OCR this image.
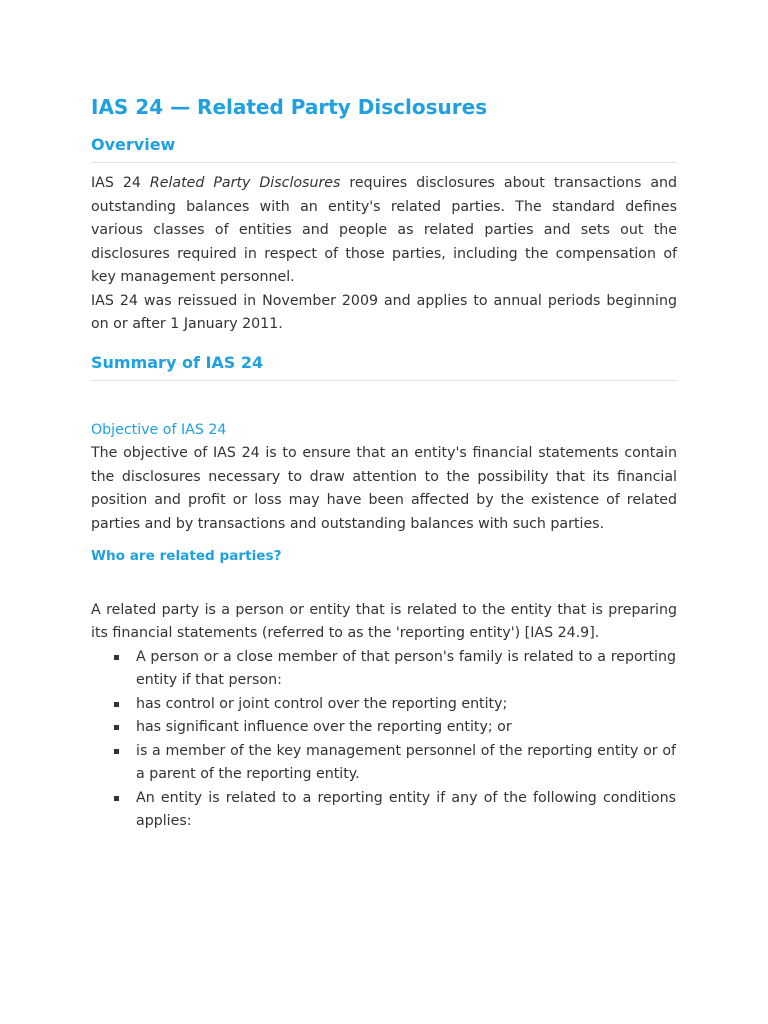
IAS 24 — Related Party Disclosures
Overview

IAS 24 Related Party Disclosures requires disclosures about transactions and outstanding balances with an entity's related parties. The standard defines various classes of entities and people as related parties and sets out the disclosures required in respect of those parties, including the compensation of key management personnel.

IAS 24 was reissued in November 2009 and applies to annual periods beginning on or after 1 January 2011.

Summary of IAS 24
Objective of IAS 24

The objective of IAS 24 is to ensure that an entity's financial statements contain the disclosures necessary to draw attention to the possibility that its financial position and profit or loss may have been affected by the existence of related parties and by transactions and outstanding balances with such parties.

Who are related parties?

A related party is a person or entity that is related to the entity that is preparing its financial statements (referred to as the 'reporting entity') [IAS 24.9].

A person or a close member of that person's family is related to a reporting entity if that person:
has control or joint control over the reporting entity;
has significant influence over the reporting entity; or
is a member of the key management personnel of the reporting entity or of a parent of the reporting entity.
An entity is related to a reporting entity if any of the following conditions applies:
